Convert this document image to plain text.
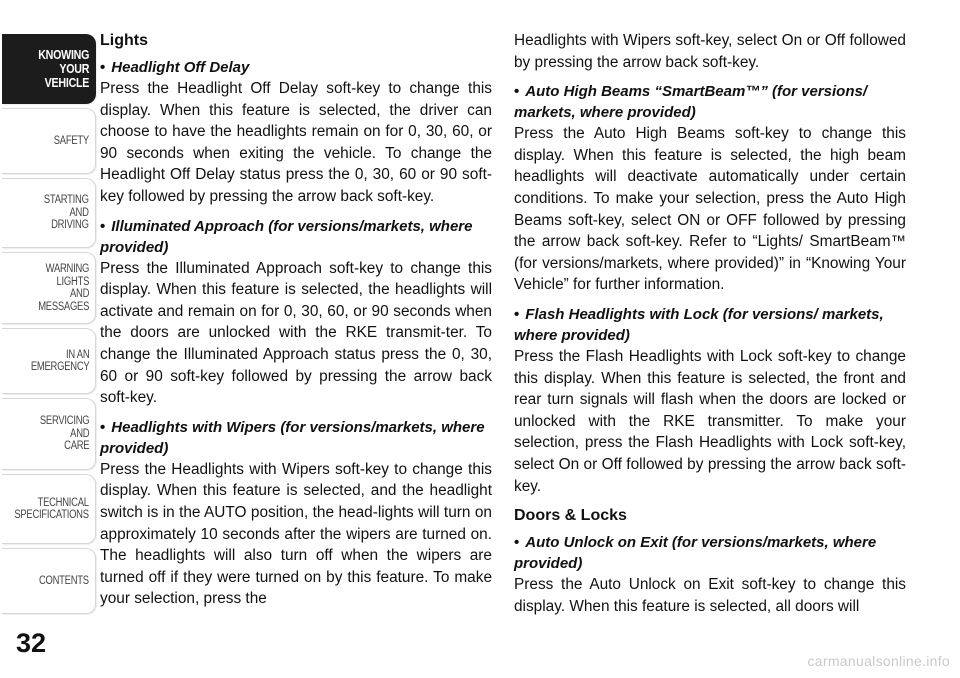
KNOWING
YOUR
VEHICLE
SAFETY
STARTING
AND
DRIVING
WARNING
LIGHTS
AND
MESSAGES
IN AN
EMERGENCY
SERVICING
AND
CARE
TECHNICAL
SPECIFICATIONS
CONTENTS
32
Lights
• Headlight Off Delay

Press the Headlight Off Delay soft-key to change this display. When this feature is selected, the driver can choose to have the headlights remain on for 0, 30, 60, or 90 seconds when exiting the vehicle. To change the Headlight Off Delay status press the 0, 30, 60 or 90 soft-key followed by pressing the arrow back soft-key.

• Illuminated Approach (for versions/markets, where provided)

Press the Illuminated Approach soft-key to change this display. When this feature is selected, the headlights will activate and remain on for 0, 30, 60, or 90 seconds when the doors are unlocked with the RKE transmit-ter. To change the Illuminated Approach status press the 0, 30, 60 or 90 soft-key followed by pressing the arrow back soft-key.

• Headlights with Wipers (for versions/markets, where provided)

Press the Headlights with Wipers soft-key to change this display. When this feature is selected, and the headlight switch is in the AUTO position, the head-lights will turn on approximately 10 seconds after the wipers are turned on. The headlights will also turn off when the wipers are turned off if they were turned on by this feature. To make your selection, press the

Headlights with Wipers soft-key, select On or Off followed by pressing the arrow back soft-key.

• Auto High Beams “SmartBeam™” (for versions/ markets, where provided)

Press the Auto High Beams soft-key to change this display. When this feature is selected, the high beam headlights will deactivate automatically under certain conditions. To make your selection, press the Auto High Beams soft-key, select ON or OFF followed by pressing the arrow back soft-key. Refer to “Lights/ SmartBeam™ (for versions/markets, where provided)” in “Knowing Your Vehicle” for further information.

• Flash Headlights with Lock (for versions/ markets, where provided)

Press the Flash Headlights with Lock soft-key to change this display. When this feature is selected, the front and rear turn signals will flash when the doors are locked or unlocked with the RKE transmitter. To make your selection, press the Flash Headlights with Lock soft-key, select On or Off followed by pressing the arrow back soft-key.

Doors & Locks
• Auto Unlock on Exit (for versions/markets, where provided)

Press the Auto Unlock on Exit soft-key to change this display. When this feature is selected, all doors will

carmanualsonline.info
